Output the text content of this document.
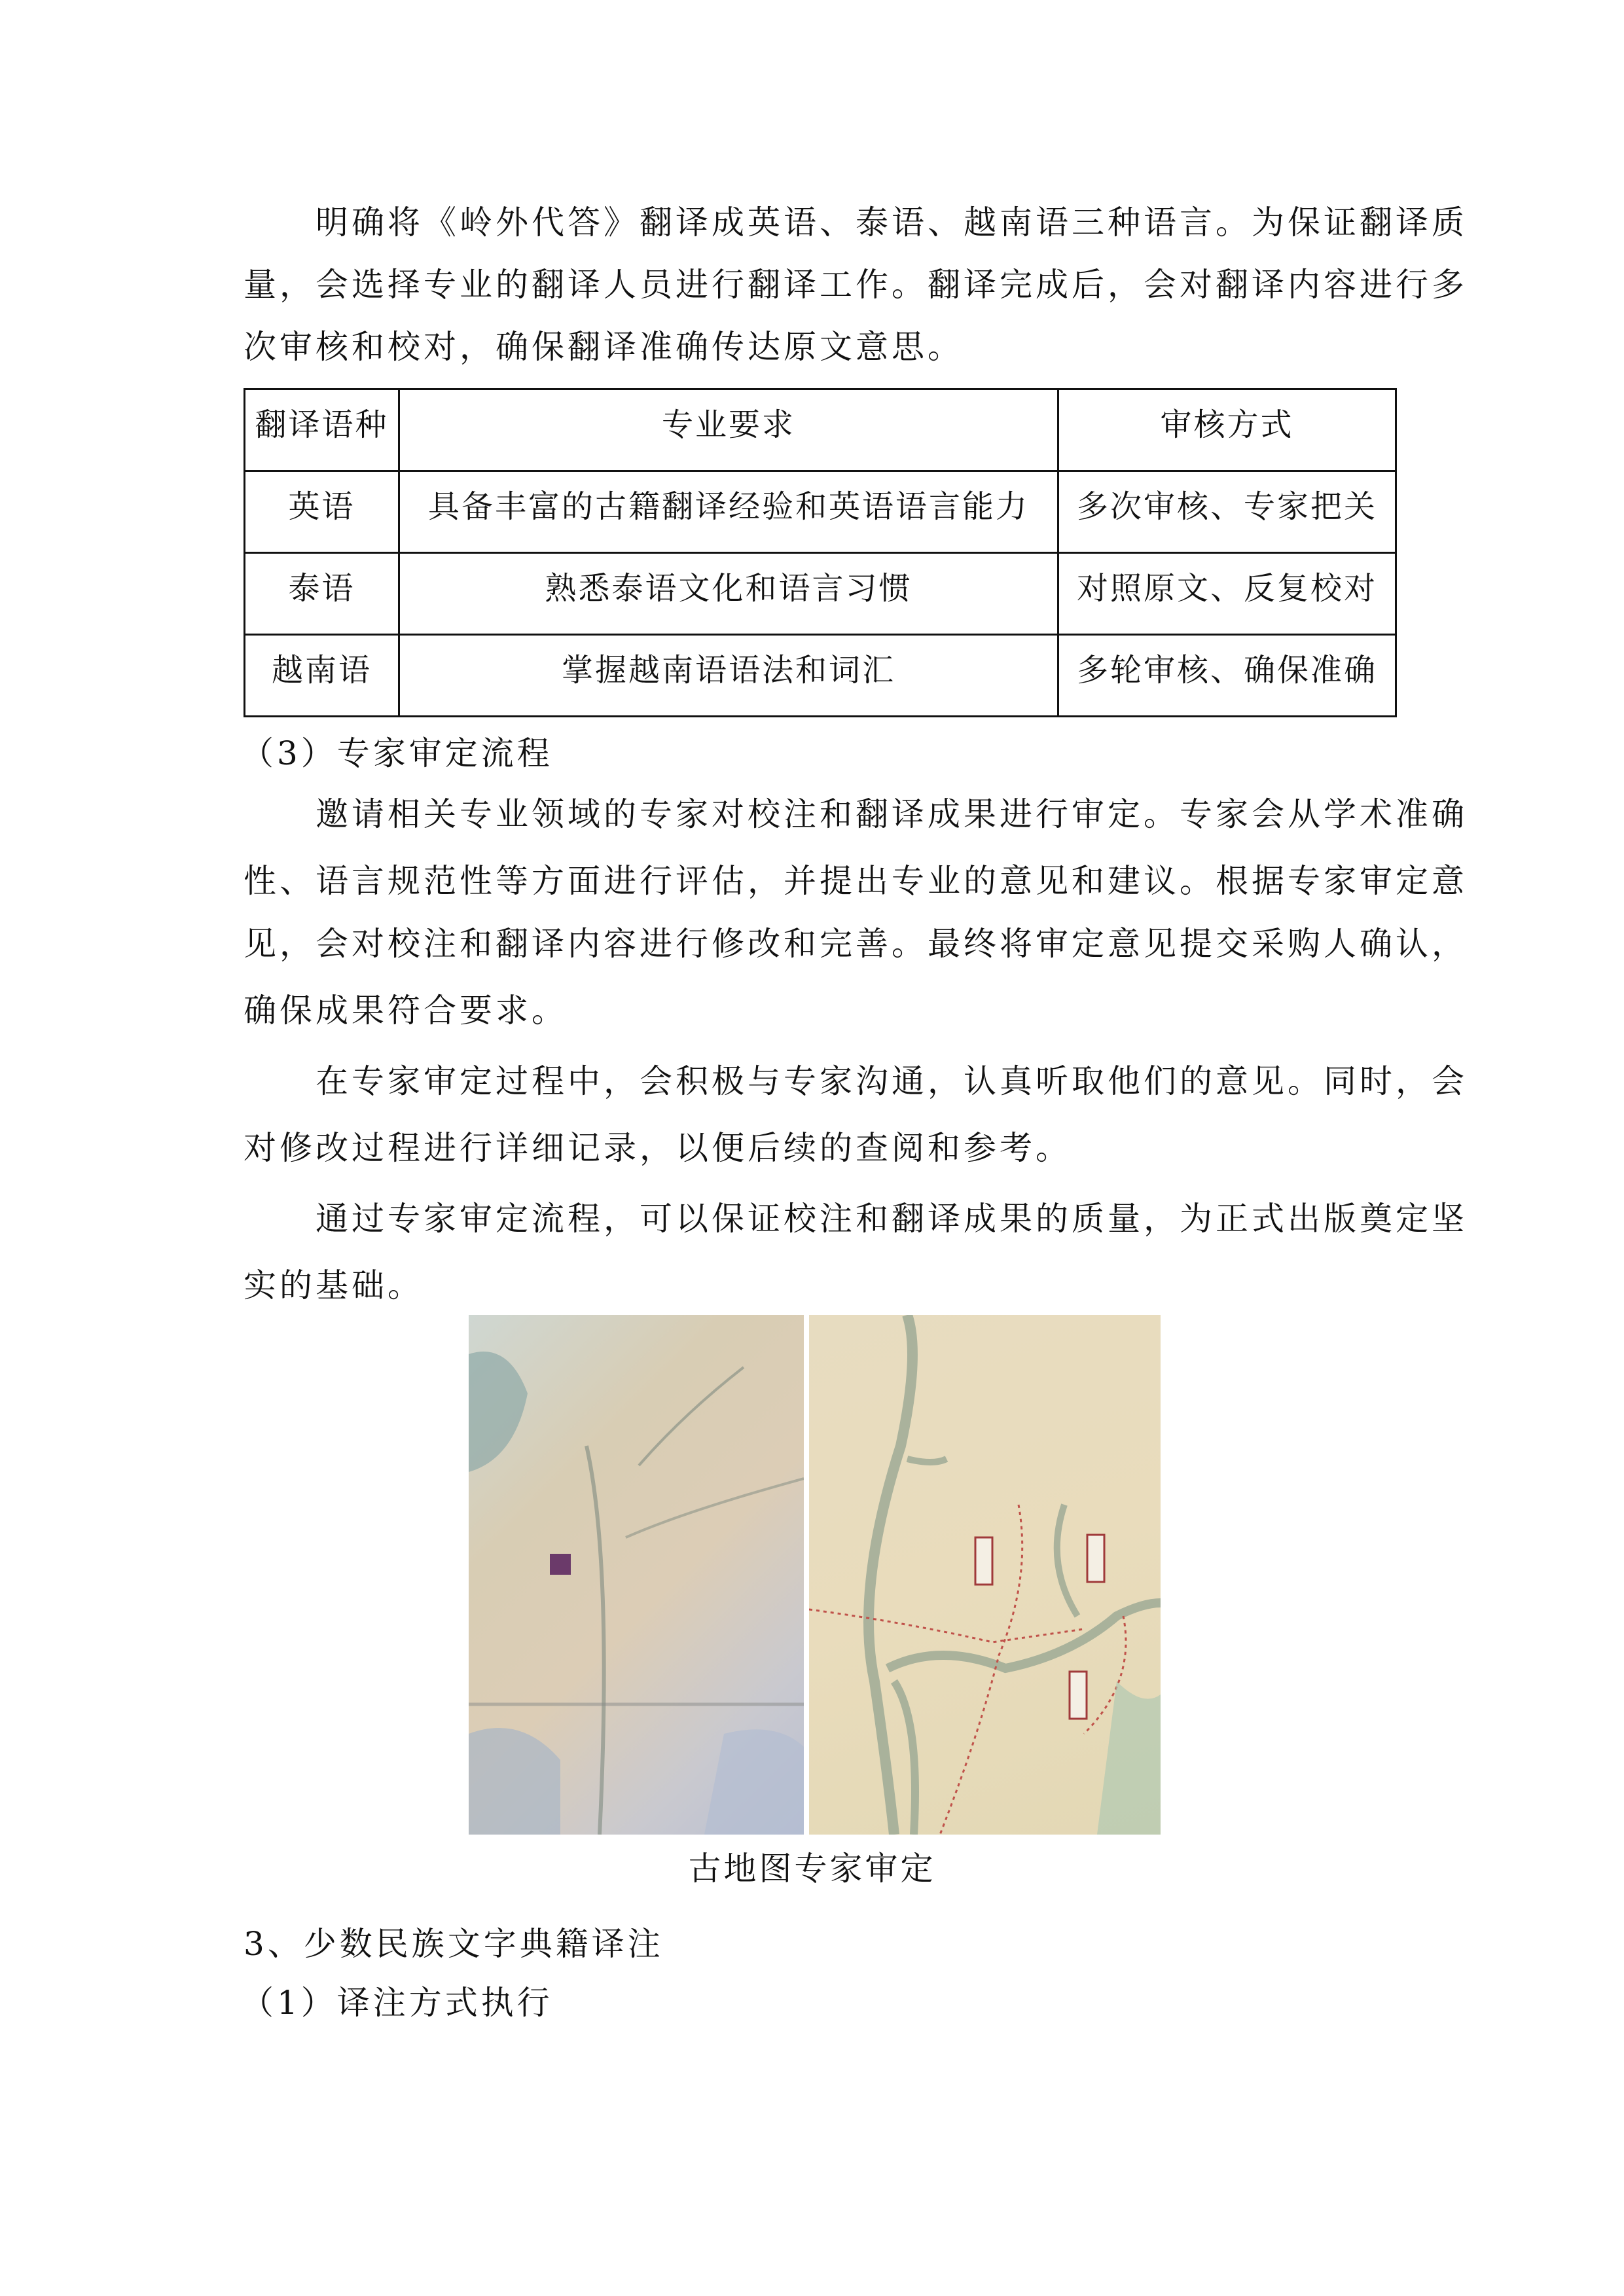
明确将《岭外代答》翻译成英语、泰语、越南语三种语言。为保证翻译质
量，会选择专业的翻译人员进行翻译工作。翻译完成后，会对翻译内容进行多
次审核和校对，确保翻译准确传达原文意思。
翻译语种	专业要求	审核方式
英语	具备丰富的古籍翻译经验和英语语言能力	多次审核、专家把关
泰语	熟悉泰语文化和语言习惯	对照原文、反复校对
越南语	掌握越南语语法和词汇	多轮审核、确保准确
（3）专家审定流程
邀请相关专业领域的专家对校注和翻译成果进行审定。专家会从学术准确
性、语言规范性等方面进行评估，并提出专业的意见和建议。根据专家审定意
见，会对校注和翻译内容进行修改和完善。最终将审定意见提交采购人确认，
确保成果符合要求。
在专家审定过程中，会积极与专家沟通，认真听取他们的意见。同时，会
对修改过程进行详细记录，以便后续的查阅和参考。
通过专家审定流程，可以保证校注和翻译成果的质量，为正式出版奠定坚
实的基础。
古地图专家审定
3、少数民族文字典籍译注
（1）译注方式执行
